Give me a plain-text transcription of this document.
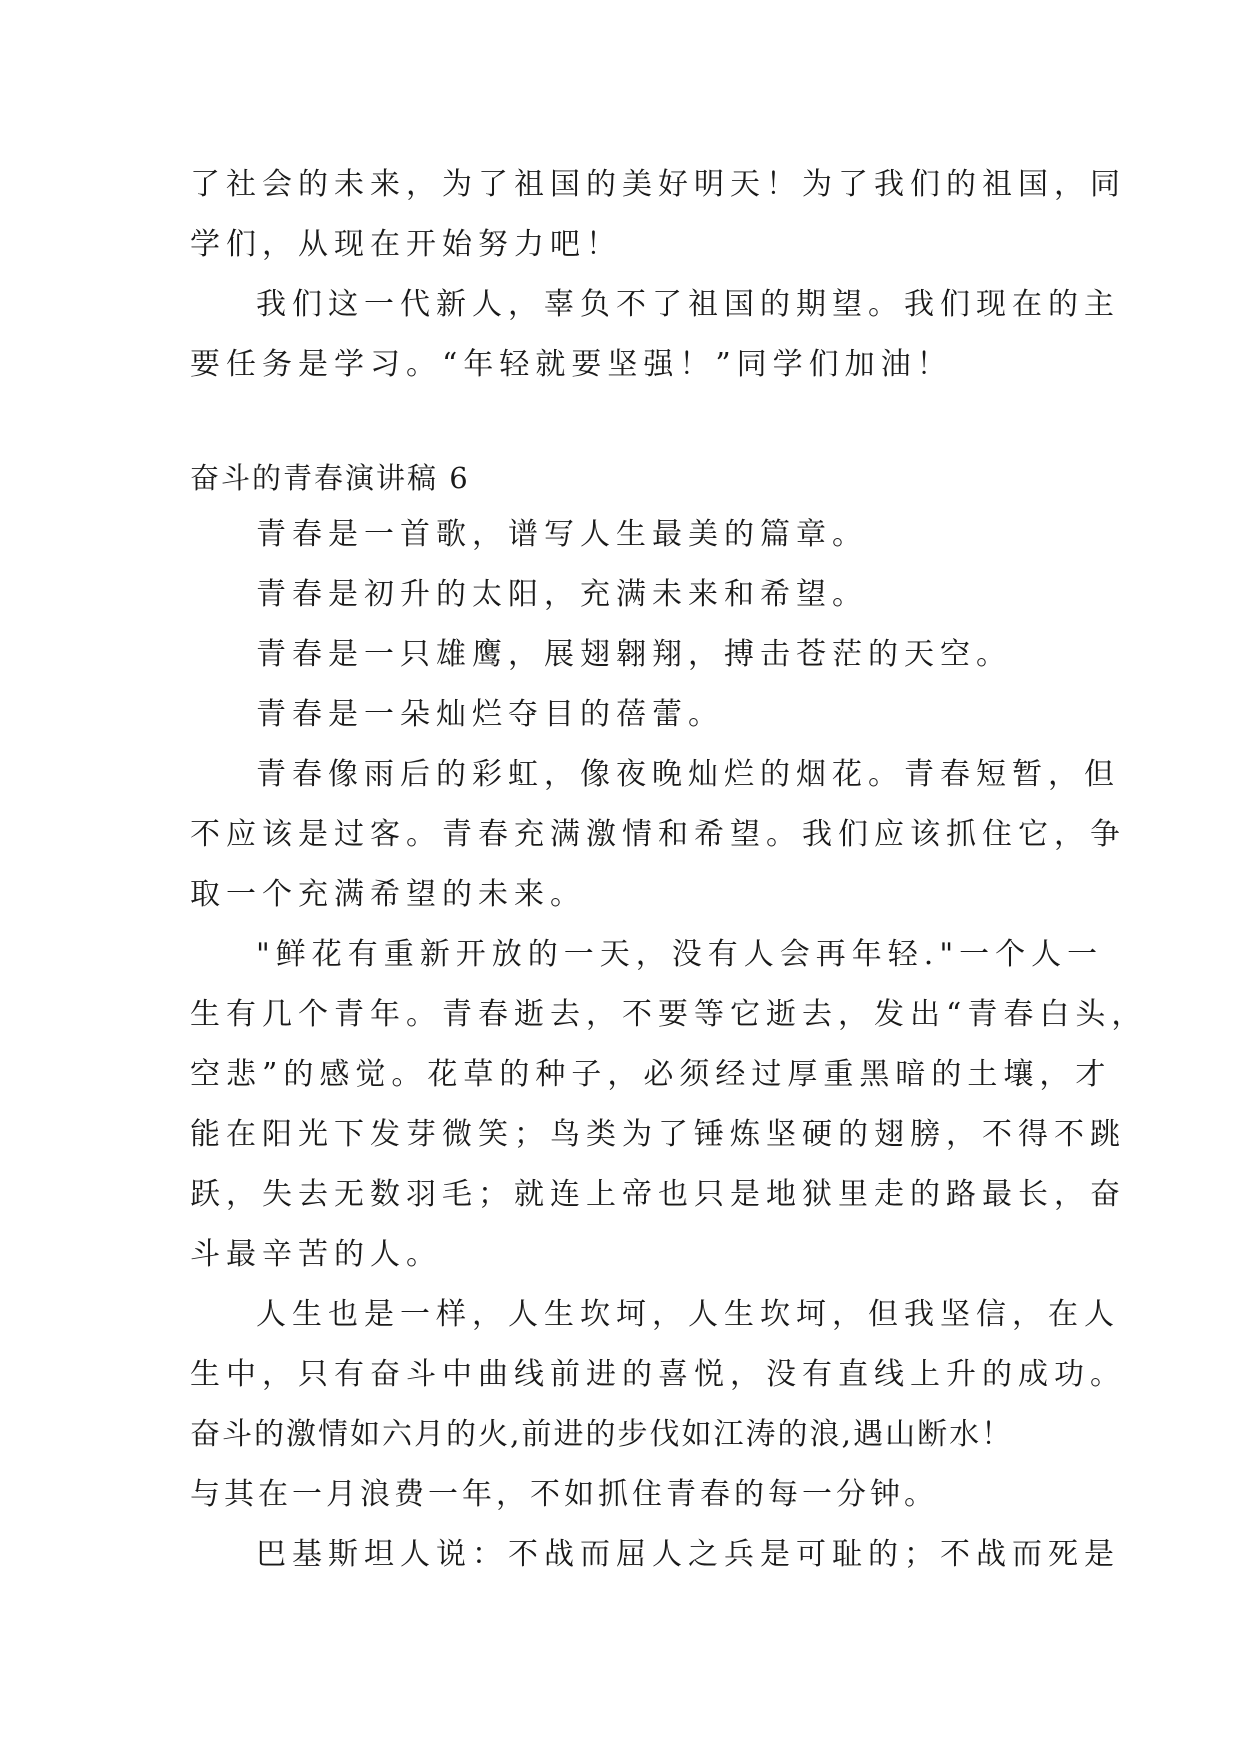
了社会的未来，为了祖国的美好明天！为了我们的祖国，同
学们，从现在开始努力吧！
我们这一代新人，辜负不了祖国的期望。我们现在的主
要任务是学习。“年轻就要坚强！”同学们加油！
奋斗的青春演讲稿 6
青春是一首歌，谱写人生最美的篇章。
青春是初升的太阳，充满未来和希望。
青春是一只雄鹰，展翅翱翔，搏击苍茫的天空。
青春是一朵灿烂夺目的蓓蕾。
青春像雨后的彩虹，像夜晚灿烂的烟花。青春短暂，但
不应该是过客。青春充满激情和希望。我们应该抓住它，争
取一个充满希望的未来。
"鲜花有重新开放的一天，没有人会再年轻."一个人一
生有几个青年。青春逝去，不要等它逝去，发出“青春白头，
空悲”的感觉。花草的种子，必须经过厚重黑暗的土壤，才
能在阳光下发芽微笑；鸟类为了锤炼坚硬的翅膀，不得不跳
跃，失去无数羽毛；就连上帝也只是地狱里走的路最长，奋
斗最辛苦的人。
人生也是一样，人生坎坷，人生坎坷，但我坚信，在人
生中，只有奋斗中曲线前进的喜悦，没有直线上升的成功。
奋斗的激情如六月的火,前进的步伐如江涛的浪,遇山断水！
与其在一月浪费一年，不如抓住青春的每一分钟。
巴基斯坦人说：不战而屈人之兵是可耻的；不战而死是
